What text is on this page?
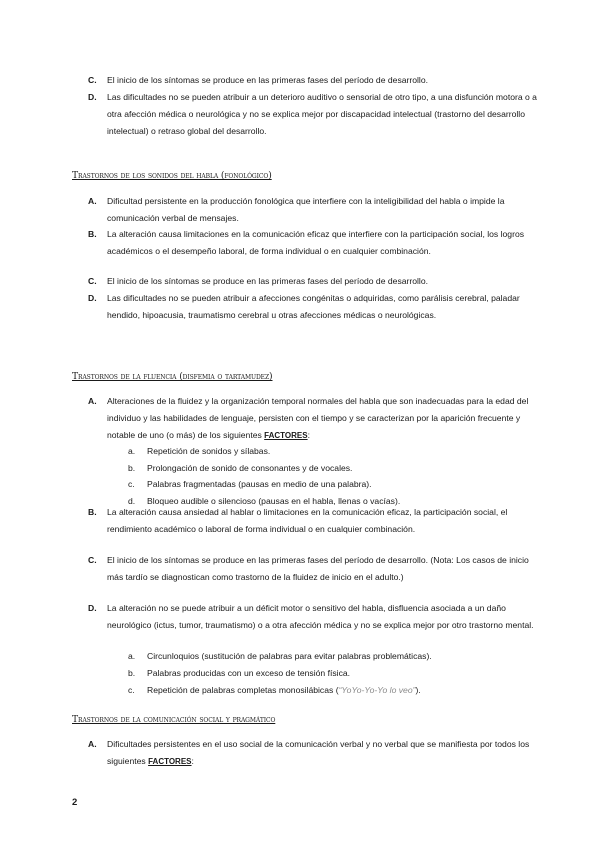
C. El inicio de los síntomas se produce en las primeras fases del período de desarrollo.
D. Las dificultades no se pueden atribuir a un deterioro auditivo o sensorial de otro tipo, a una disfunción motora o a otra afección médica o neurológica y no se explica mejor por discapacidad intelectual (trastorno del desarrollo intelectual) o retraso global del desarrollo.
Trastornos de los sonidos del habla (fonológico)
A. Dificultad persistente en la producción fonológica que interfiere con la inteligibilidad del habla o impide la comunicación verbal de mensajes.
B. La alteración causa limitaciones en la comunicación eficaz que interfiere con la participación social, los logros académicos o el desempeño laboral, de forma individual o en cualquier combinación.
C. El inicio de los síntomas se produce en las primeras fases del período de desarrollo.
D. Las dificultades no se pueden atribuir a afecciones congénitas o adquiridas, como parálisis cerebral, paladar hendido, hipoacusia, traumatismo cerebral u otras afecciones médicas o neurológicas.
Trastornos de la fluencia (disfemia o tartamudez)
A. Alteraciones de la fluidez y la organización temporal normales del habla que son inadecuadas para la edad del individuo y las habilidades de lenguaje, persisten con el tiempo y se caracterizan por la aparición frecuente y notable de uno (o más) de los siguientes FACTORES:
a. Repetición de sonidos y sílabas.
b. Prolongación de sonido de consonantes y de vocales.
c. Palabras fragmentadas (pausas en medio de una palabra).
d. Bloqueo audible o silencioso (pausas en el habla, llenas o vacías).
B. La alteración causa ansiedad al hablar o limitaciones en la comunicación eficaz, la participación social, el rendimiento académico o laboral de forma individual o en cualquier combinación.
C. El inicio de los síntomas se produce en las primeras fases del período de desarrollo. (Nota: Los casos de inicio más tardío se diagnostican como trastorno de la fluidez de inicio en el adulto.)
D. La alteración no se puede atribuir a un déficit motor o sensitivo del habla, disfluencia asociada a un daño neurológico (ictus, tumor, traumatismo) o a otra afección médica y no se explica mejor por otro trastorno mental.
a. Circunloquios (sustitución de palabras para evitar palabras problemáticas).
b. Palabras producidas con un exceso de tensión física.
c. Repetición de palabras completas monosilábicas (“YoYo-Yo-Yo lo veo”).
Trastornos de la comunicación social y pragmático
A. Dificultades persistentes en el uso social de la comunicación verbal y no verbal que se manifiesta por todos los siguientes FACTORES:
2
